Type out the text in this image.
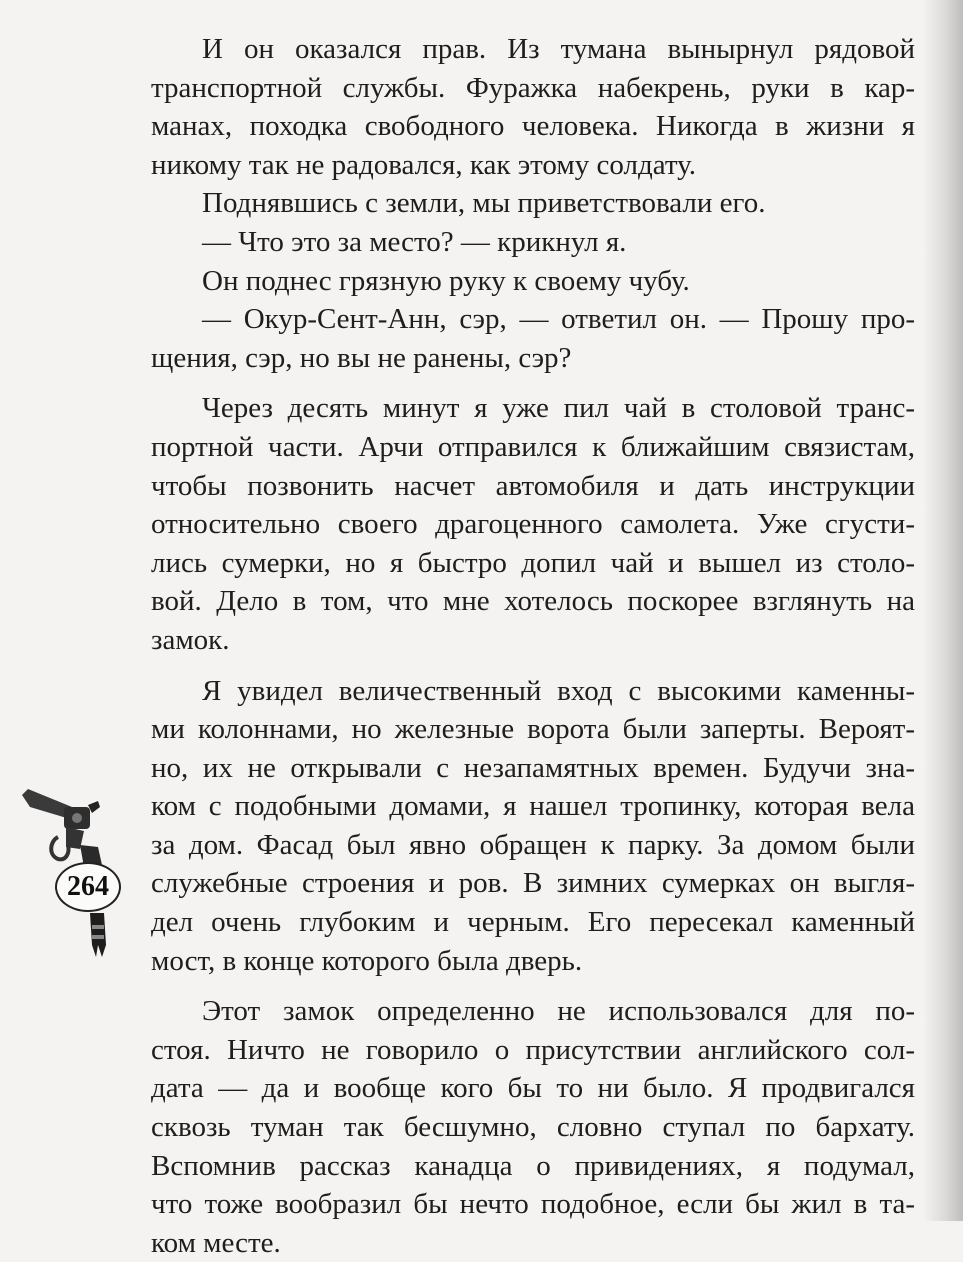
И он оказался прав. Из тумана вынырнул рядовой
транспортной службы. Фуражка набекрень, руки в кар-
манах, походка свободного человека. Никогда в жизни я
никому так не радовался, как этому солдату.
Поднявшись с земли, мы приветствовали его.
— Что это за место? — крикнул я.
Он поднес грязную руку к своему чубу.
— Окур-Сент-Анн, сэр, — ответил он. — Прошу про-
щения, сэр, но вы не ранены, сэр?
Через десять минут я уже пил чай в столовой транс-
портной части. Арчи отправился к ближайшим связистам,
чтобы позвонить насчет автомобиля и дать инструкции
относительно своего драгоценного самолета. Уже сгусти-
лись сумерки, но я быстро допил чай и вышел из столо-
вой. Дело в том, что мне хотелось поскорее взглянуть на
замок.
Я увидел величественный вход с высокими каменны-
ми колоннами, но железные ворота были заперты. Вероят-
но, их не открывали с незапамятных времен. Будучи зна-
ком с подобными домами, я нашел тропинку, которая вела
за дом. Фасад был явно обращен к парку. За домом были
служебные строения и ров. В зимних сумерках он выгля-
дел очень глубоким и черным. Его пересекал каменный
мост, в конце которого была дверь.
Этот замок определенно не использовался для по-
стоя. Ничто не говорило о присутствии английского сол-
дата — да и вообще кого бы то ни было. Я продвигался
сквозь туман так бесшумно, словно ступал по бархату.
Вспомнив рассказ канадца о привидениях, я подумал,
что тоже вообразил бы нечто подобное, если бы жил в та-
ком месте.
264
